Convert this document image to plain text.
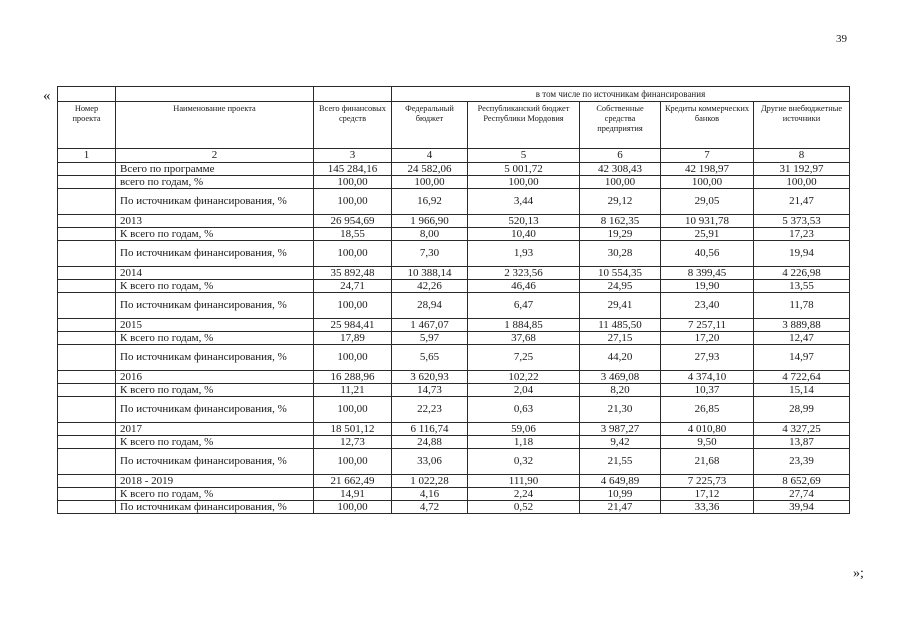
39
«
»;
			в том числе по источникам финансирования				
Номер проекта	Наименование проекта	Всего финансовых средств	Федеральный бюджет	Республиканский бюджет Республики Мордовия	Собственные средства предприятия	Кредиты коммерческих банков	Другие внебюджетные источники
1	2	3	4	5	6	7	8
	Всего по программе	145 284,16	24 582,06	5 001,72	42 308,43	42 198,97	31 192,97
	всего по годам, %	100,00	100,00	100,00	100,00	100,00	100,00
	По источникам финансирования, %	100,00	16,92	3,44	29,12	29,05	21,47
	2013	26 954,69	1 966,90	520,13	8 162,35	10 931,78	5 373,53
	К всего по годам, %	18,55	8,00	10,40	19,29	25,91	17,23
	По источникам финансирования, %	100,00	7,30	1,93	30,28	40,56	19,94
	2014	35 892,48	10 388,14	2 323,56	10 554,35	8 399,45	4 226,98
	К всего по годам, %	24,71	42,26	46,46	24,95	19,90	13,55
	По источникам финансирования, %	100,00	28,94	6,47	29,41	23,40	11,78
	2015	25 984,41	1 467,07	1 884,85	11 485,50	7 257,11	3 889,88
	К всего по годам, %	17,89	5,97	37,68	27,15	17,20	12,47
	По источникам финансирования, %	100,00	5,65	7,25	44,20	27,93	14,97
	2016	16 288,96	3 620,93	102,22	3 469,08	4 374,10	4 722,64
	К всего по годам, %	11,21	14,73	2,04	8,20	10,37	15,14
	По источникам финансирования, %	100,00	22,23	0,63	21,30	26,85	28,99
	2017	18 501,12	6 116,74	59,06	3 987,27	4 010,80	4 327,25
	К всего по годам, %	12,73	24,88	1,18	9,42	9,50	13,87
	По источникам финансирования, %	100,00	33,06	0,32	21,55	21,68	23,39
	2018 - 2019	21 662,49	1 022,28	111,90	4 649,89	7 225,73	8 652,69
	К всего по годам, %	14,91	4,16	2,24	10,99	17,12	27,74
	По источникам финансирования, %	100,00	4,72	0,52	21,47	33,36	39,94
